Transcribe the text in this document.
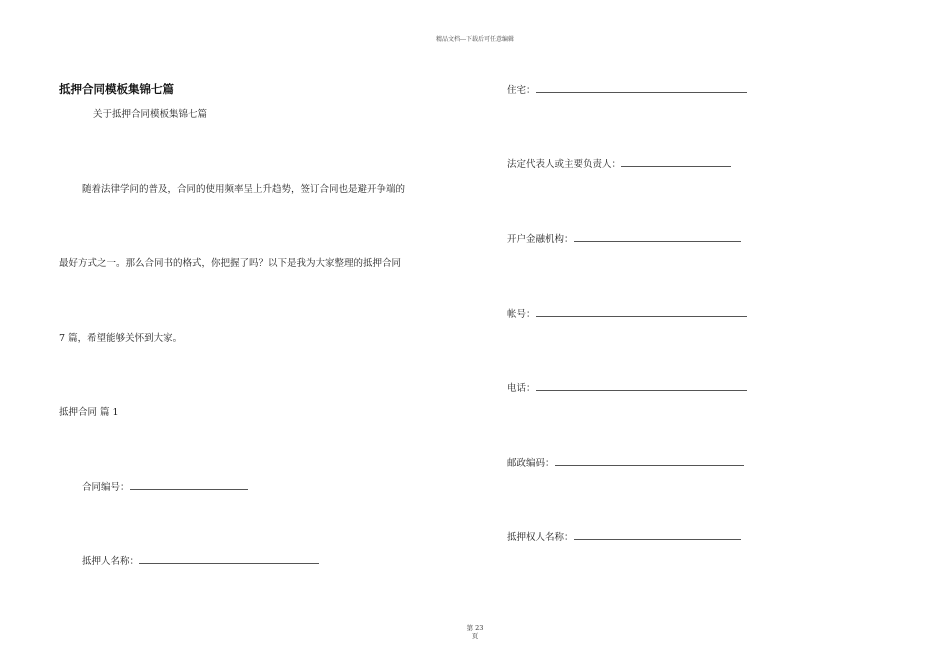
精品文档---下载后可任意编辑
抵押合同模板集锦七篇
关于抵押合同模板集锦七篇
随着法律学问的普及，合同的使用频率呈上升趋势，签订合同也是避开争端的
最好方式之一。那么合同书的格式，你把握了吗？以下是我为大家整理的抵押合同
7 篇，希望能够关怀到大家。
抵押合同 篇 1
合同编号：
抵押人名称：
住宅：
法定代表人或主要负责人：
开户金融机构：
帐号：
电话：
邮政编码：
抵押权人名称：
第 23
页
